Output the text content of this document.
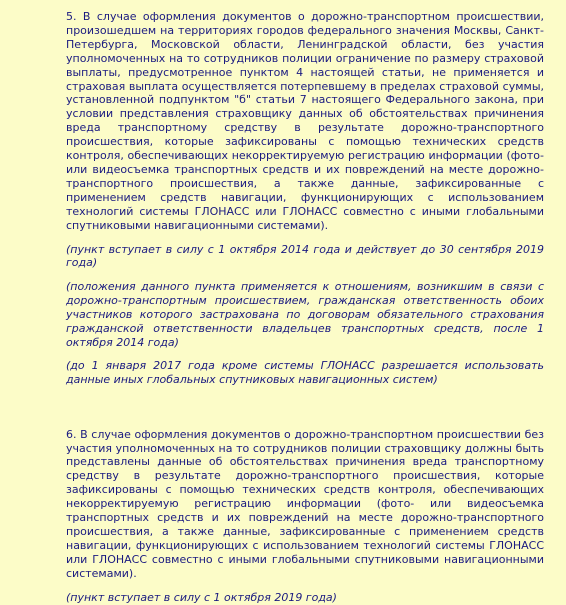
5. В случае оформления документов о дорожно-транспортном происшествии, произошедшем на территориях городов федерального значения Москвы, Санкт-Петербурга, Московской области, Ленинградской области, без участия уполномоченных на то сотрудников полиции ограничение по размеру страховой выплаты, предусмотренное пунктом 4 настоящей статьи, не применяется и страховая выплата осуществляется потерпевшему в пределах страховой суммы, установленной подпунктом "б" статьи 7 настоящего Федерального закона, при условии представления страховщику данных об обстоятельствах причинения вреда транспортному средству в результате дорожно-транспортного происшествия, которые зафиксированы с помощью технических средств контроля, обеспечивающих некорректируемую регистрацию информации (фото- или видеосъемка транспортных средств и их повреждений на месте дорожно-транспортного происшествия, а также данные, зафиксированные с применением средств навигации, функционирующих с использованием технологий системы ГЛОНАСС или ГЛОНАСС совместно с иными глобальными спутниковыми навигационными системами).

(пункт вступает в силу с 1 октября 2014 года и действует до 30 сентября 2019 года)

(положения данного пункта применяется к отношениям, возникшим в связи с дорожно-транспортным происшествием, гражданская ответственность обоих участников которого застрахована по договорам обязательного страхования гражданской ответственности владельцев транспортных средств, после 1 октября 2014 года)

(до 1 января 2017 года кроме системы ГЛОНАСС разрешается использовать данные иных глобальных спутниковых навигационных систем)

6. В случае оформления документов о дорожно-транспортном происшествии без участия уполномоченных на то сотрудников полиции страховщику должны быть представлены данные об обстоятельствах причинения вреда транспортному средству в результате дорожно-транспортного происшествия, которые зафиксированы с помощью технических средств контроля, обеспечивающих некорректируемую регистрацию информации (фото- или видеосъемка транспортных средств и их повреждений на месте дорожно-транспортного происшествия, а также данные, зафиксированные с применением средств навигации, функционирующих с использованием технологий системы ГЛОНАСС или ГЛОНАСС совместно с иными глобальными спутниковыми навигационными системами).

(пункт вступает в силу с 1 октября 2019 года)
